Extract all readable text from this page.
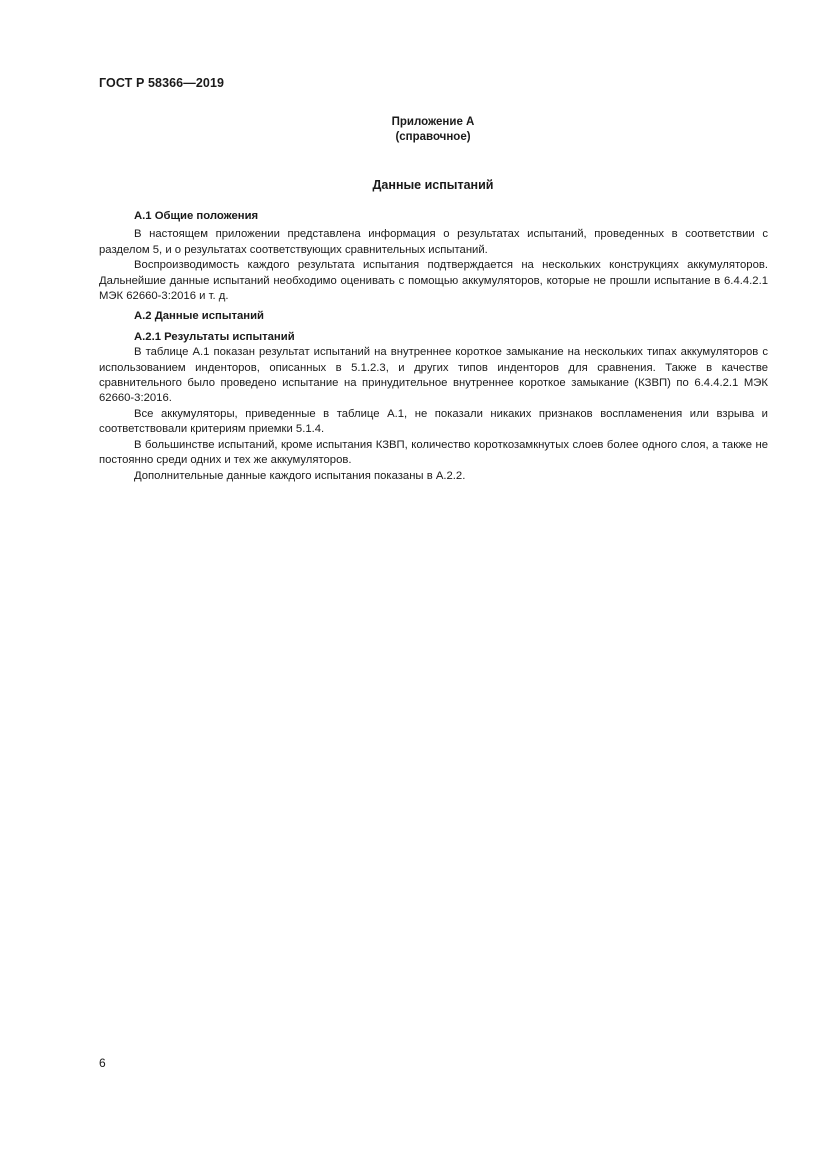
ГОСТ Р 58366—2019
Приложение А
(справочное)
Данные испытаний
А.1 Общие положения

В настоящем приложении представлена информация о результатах испытаний, проведенных в соответствии с разделом 5, и о результатах соответствующих сравнительных испытаний.

Воспроизводимость каждого результата испытания подтверждается на нескольких конструкциях аккумуляторов. Дальнейшие данные испытаний необходимо оценивать с помощью аккумуляторов, которые не прошли испытание в 6.4.4.2.1 МЭК 62660-3:2016 и т. д.

А.2 Данные испытаний
А.2.1 Результаты испытаний

В таблице А.1 показан результат испытаний на внутреннее короткое замыкание на нескольких типах аккумуляторов с использованием инденторов, описанных в 5.1.2.3, и других типов инденторов для сравнения. Также в качестве сравнительного было проведено испытание на принудительное внутреннее короткое замыкание (КЗВП) по 6.4.4.2.1 МЭК 62660-3:2016.

Все аккумуляторы, приведенные в таблице А.1, не показали никаких признаков воспламенения или взрыва и соответствовали критериям приемки 5.1.4.

В большинстве испытаний, кроме испытания КЗВП, количество короткозамкнутых слоев более одного слоя, а также не постоянно среди одних и тех же аккумуляторов.

Дополнительные данные каждого испытания показаны в А.2.2.

6
